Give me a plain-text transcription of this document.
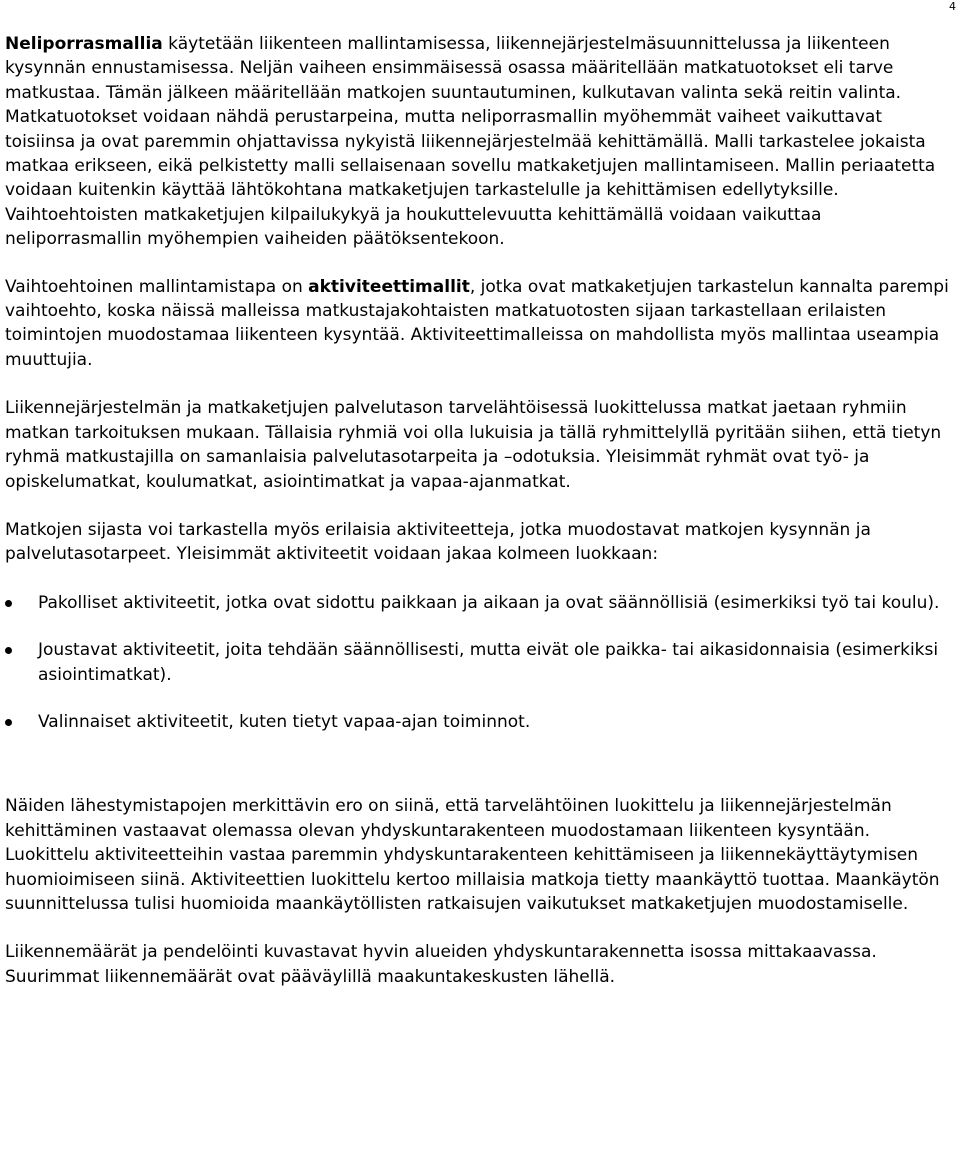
4

Neliporrasmallia käytetään liikenteen mallintamisessa, liikennejärjestelmäsuunnittelussa ja liikenteen kysynnän ennustamisessa. Neljän vaiheen ensimmäisessä osassa määritellään matkatuotokset eli tarve matkustaa. Tämän jälkeen määritellään matkojen suuntautuminen, kulkutavan valinta sekä reitin valinta. Matkatuotokset voidaan nähdä perustarpeina, mutta neliporrasmallin myöhemmät vaiheet vaikuttavat toisiinsa ja ovat paremmin ohjattavissa nykyistä liikennejärjestelmää kehittämällä. Malli tarkastelee jokaista matkaa erikseen, eikä pelkistetty malli sellaisenaan sovellu matkaketjujen mallintamiseen. Mallin periaatetta voidaan kuitenkin käyttää lähtökohtana matkaketjujen tarkastelulle ja kehittämisen edellytyksille. Vaihtoehtoisten matkaketjujen kilpailukykyä ja houkuttelevuutta kehittämällä voidaan vaikuttaa neliporrasmallin myöhempien vaiheiden päätöksentekoon.

Vaihtoehtoinen mallintamistapa on aktiviteettimallit, jotka ovat matkaketjujen tarkastelun kannalta parempi vaihtoehto, koska näissä malleissa matkustajakohtaisten matkatuotosten sijaan tarkastellaan erilaisten toimintojen muodostamaa liikenteen kysyntää. Aktiviteettimalleissa on mahdollista myös mallintaa useampia muuttujia.

Liikennejärjestelmän ja matkaketjujen palvelutason tarvelähtöisessä luokittelussa matkat jaetaan ryhmiin matkan tarkoituksen mukaan. Tällaisia ryhmiä voi olla lukuisia ja tällä ryhmittelyllä pyritään siihen, että tietyn ryhmä matkustajilla on samanlaisia palvelutasotarpeita ja –odotuksia. Yleisimmät ryhmät ovat työ- ja opiskelumatkat, koulumatkat, asiointimatkat ja vapaa-ajanmatkat.

Matkojen sijasta voi tarkastella myös erilaisia aktiviteetteja, jotka muodostavat matkojen kysynnän ja palvelutasotarpeet. Yleisimmät aktiviteetit voidaan jakaa kolmeen luokkaan:

Pakolliset aktiviteetit, jotka ovat sidottu paikkaan ja aikaan ja ovat säännöllisiä (esimerkiksi työ tai koulu).
Joustavat aktiviteetit, joita tehdään säännöllisesti, mutta eivät ole paikka- tai aikasidonnaisia (esimerkiksi asiointimatkat).
Valinnaiset aktiviteetit, kuten tietyt vapaa-ajan toiminnot.

Näiden lähestymistapojen merkittävin ero on siinä, että tarvelähtöinen luokittelu ja liikennejärjestelmän kehittäminen vastaavat olemassa olevan yhdyskuntarakenteen muodostamaan liikenteen kysyntään. Luokittelu aktiviteetteihin vastaa paremmin yhdyskuntarakenteen kehittämiseen ja liikennekäyttäytymisen huomioimiseen siinä. Aktiviteettien luokittelu kertoo millaisia matkoja tietty maankäyttö tuottaa. Maankäytön suunnittelussa tulisi huomioida maankäytöllisten ratkaisujen vaikutukset matkaketjujen muodostamiselle.

Liikennemäärät ja pendelöinti kuvastavat hyvin alueiden yhdyskuntarakennetta isossa mittakaavassa. Suurimmat liikennemäärät ovat pääväylillä maakuntakeskusten lähellä.
